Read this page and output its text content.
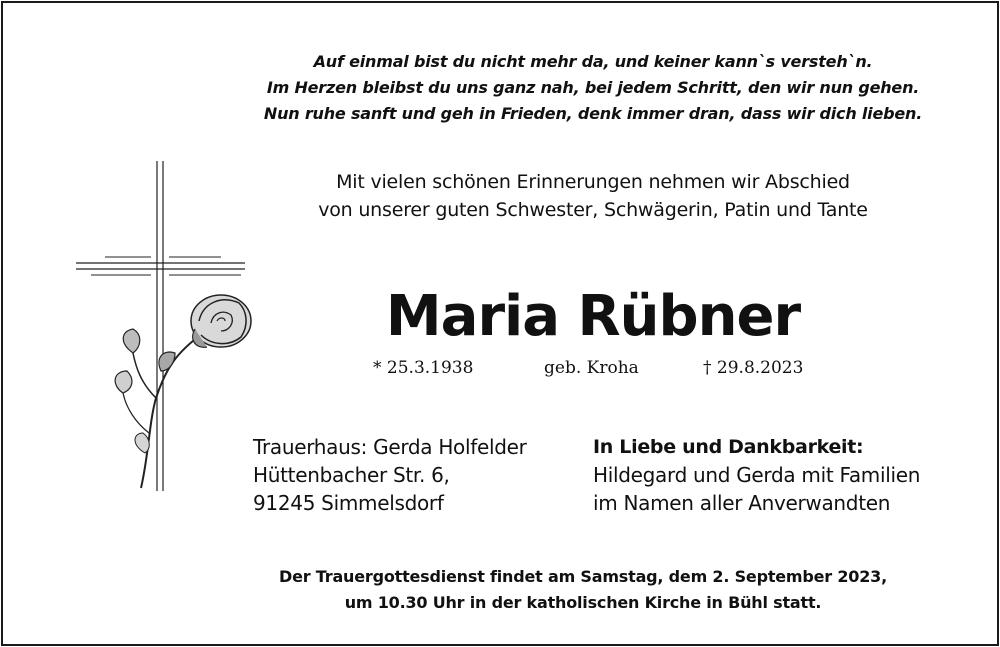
Auf einmal bist du nicht mehr da, und keiner kann`s versteh`n.
Im Herzen bleibst du uns ganz nah, bei jedem Schritt, den wir nun gehen.
Nun ruhe sanft und geh in Frieden, denk immer dran, dass wir dich lieben.
Mit vielen schönen Erinnerungen nehmen wir Abschied
von unserer guten Schwester, Schwägerin, Patin und Tante
Maria Rübner
* 25.3.1938	geb. Kroha	† 29.8.2023
Trauerhaus: Gerda Holfelder
Hüttenbacher Str. 6,
91245 Simmelsdorf
In Liebe und Dankbarkeit:
Hildegard und Gerda mit Familien
im Namen aller Anverwandten
Der Trauergottesdienst findet am Samstag, dem 2. September 2023,
um 10.30 Uhr in der katholischen Kirche in Bühl statt.
